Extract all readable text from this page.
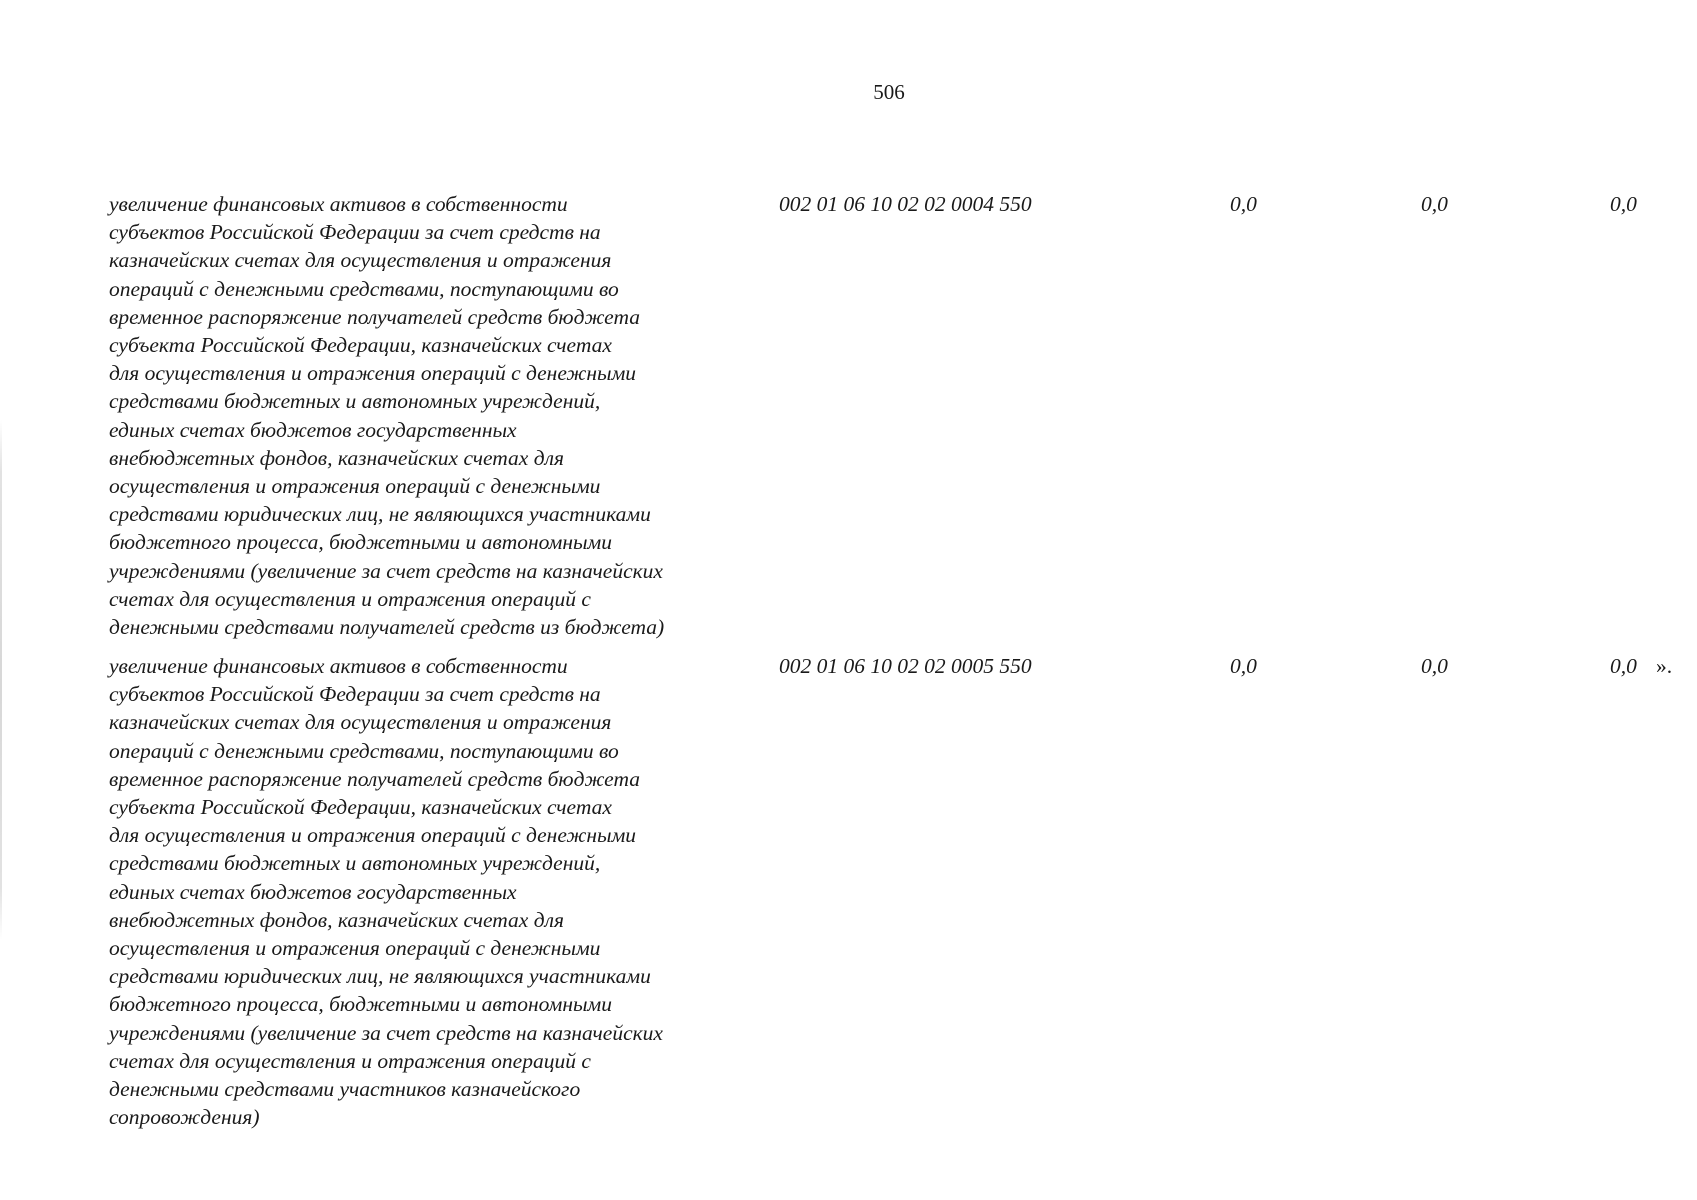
506
увеличение финансовых активов в собственности
субъектов Российской Федерации за счет средств на
казначейских счетах для осуществления и отражения
операций с денежными средствами, поступающими во
временное распоряжение получателей средств бюджета
субъекта Российской Федерации, казначейских счетах
для осуществления и отражения операций с денежными
средствами бюджетных и автономных учреждений,
единых счетах бюджетов государственных
внебюджетных фондов, казначейских счетах для
осуществления и отражения операций с денежными
средствами юридических лиц, не являющихся участниками
бюджетного процесса, бюджетными и автономными
учреждениями (увеличение за счет средств на казначейских
счетах для осуществления и отражения операций с
денежными средствами получателей средств из бюджета)
002 01 06 10 02 02 0004 550	0,0	0,0	0,0
увеличение финансовых активов в собственности
субъектов Российской Федерации за счет средств на
казначейских счетах для осуществления и отражения
операций с денежными средствами, поступающими во
временное распоряжение получателей средств бюджета
субъекта Российской Федерации, казначейских счетах
для осуществления и отражения операций с денежными
средствами бюджетных и автономных учреждений,
единых счетах бюджетов государственных
внебюджетных фондов, казначейских счетах для
осуществления и отражения операций с денежными
средствами юридических лиц, не являющихся участниками
бюджетного процесса, бюджетными и автономными
учреждениями (увеличение за счет средств на казначейских
счетах для осуществления и отражения операций с
денежными средствами участников казначейского
сопровождения)
002 01 06 10 02 02 0005 550	0,0	0,0	0,0 ».
